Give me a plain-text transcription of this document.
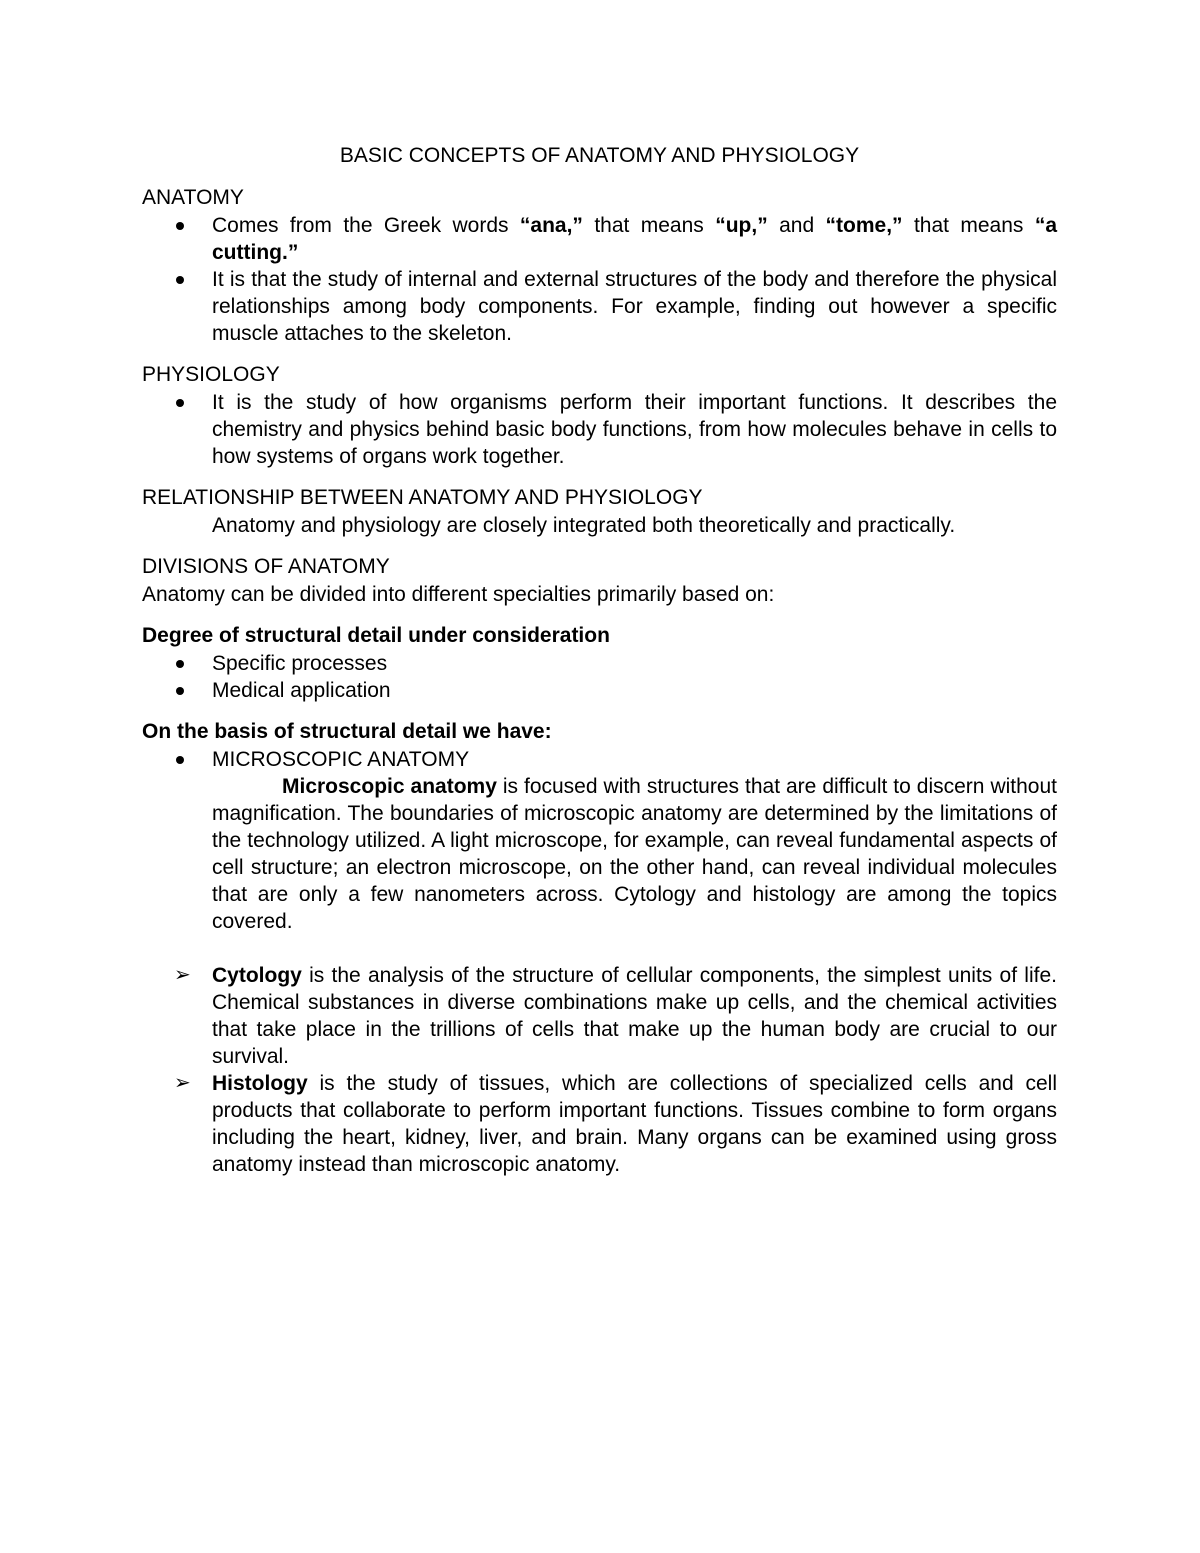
BASIC CONCEPTS OF ANATOMY AND PHYSIOLOGY

ANATOMY

Comes from the Greek words “ana,” that means “up,” and “tome,” that means “a cutting.”
It is that the study of internal and external structures of the body and therefore the physical relationships among body components. For example, finding out however a specific muscle attaches to the skeleton.

PHYSIOLOGY

It is the study of how organisms perform their important functions. It describes the chemistry and physics behind basic body functions, from how molecules behave in cells to how systems of organs work together.

RELATIONSHIP BETWEEN ANATOMY AND PHYSIOLOGY

Anatomy and physiology are closely integrated both theoretically and practically.

DIVISIONS OF ANATOMY

Anatomy can be divided into different specialties primarily based on:

Degree of structural detail under consideration

Specific processes
Medical application

On the basis of structural detail we have:

MICROSCOPIC ANATOMY

Microscopic anatomy is focused with structures that are difficult to discern without magnification. The boundaries of microscopic anatomy are determined by the limitations of the technology utilized. A light microscope, for example, can reveal fundamental aspects of cell structure; an electron microscope, on the other hand, can reveal individual molecules that are only a few nanometers across. Cytology and histology are among the topics covered.

➢ Cytology is the analysis of the structure of cellular components, the simplest units of life. Chemical substances in diverse combinations make up cells, and the chemical activities that take place in the trillions of cells that make up the human body are crucial to our survival.
➢ Histology is the study of tissues, which are collections of specialized cells and cell products that collaborate to perform important functions. Tissues combine to form organs including the heart, kidney, liver, and brain. Many organs can be examined using gross anatomy instead than microscopic anatomy.
